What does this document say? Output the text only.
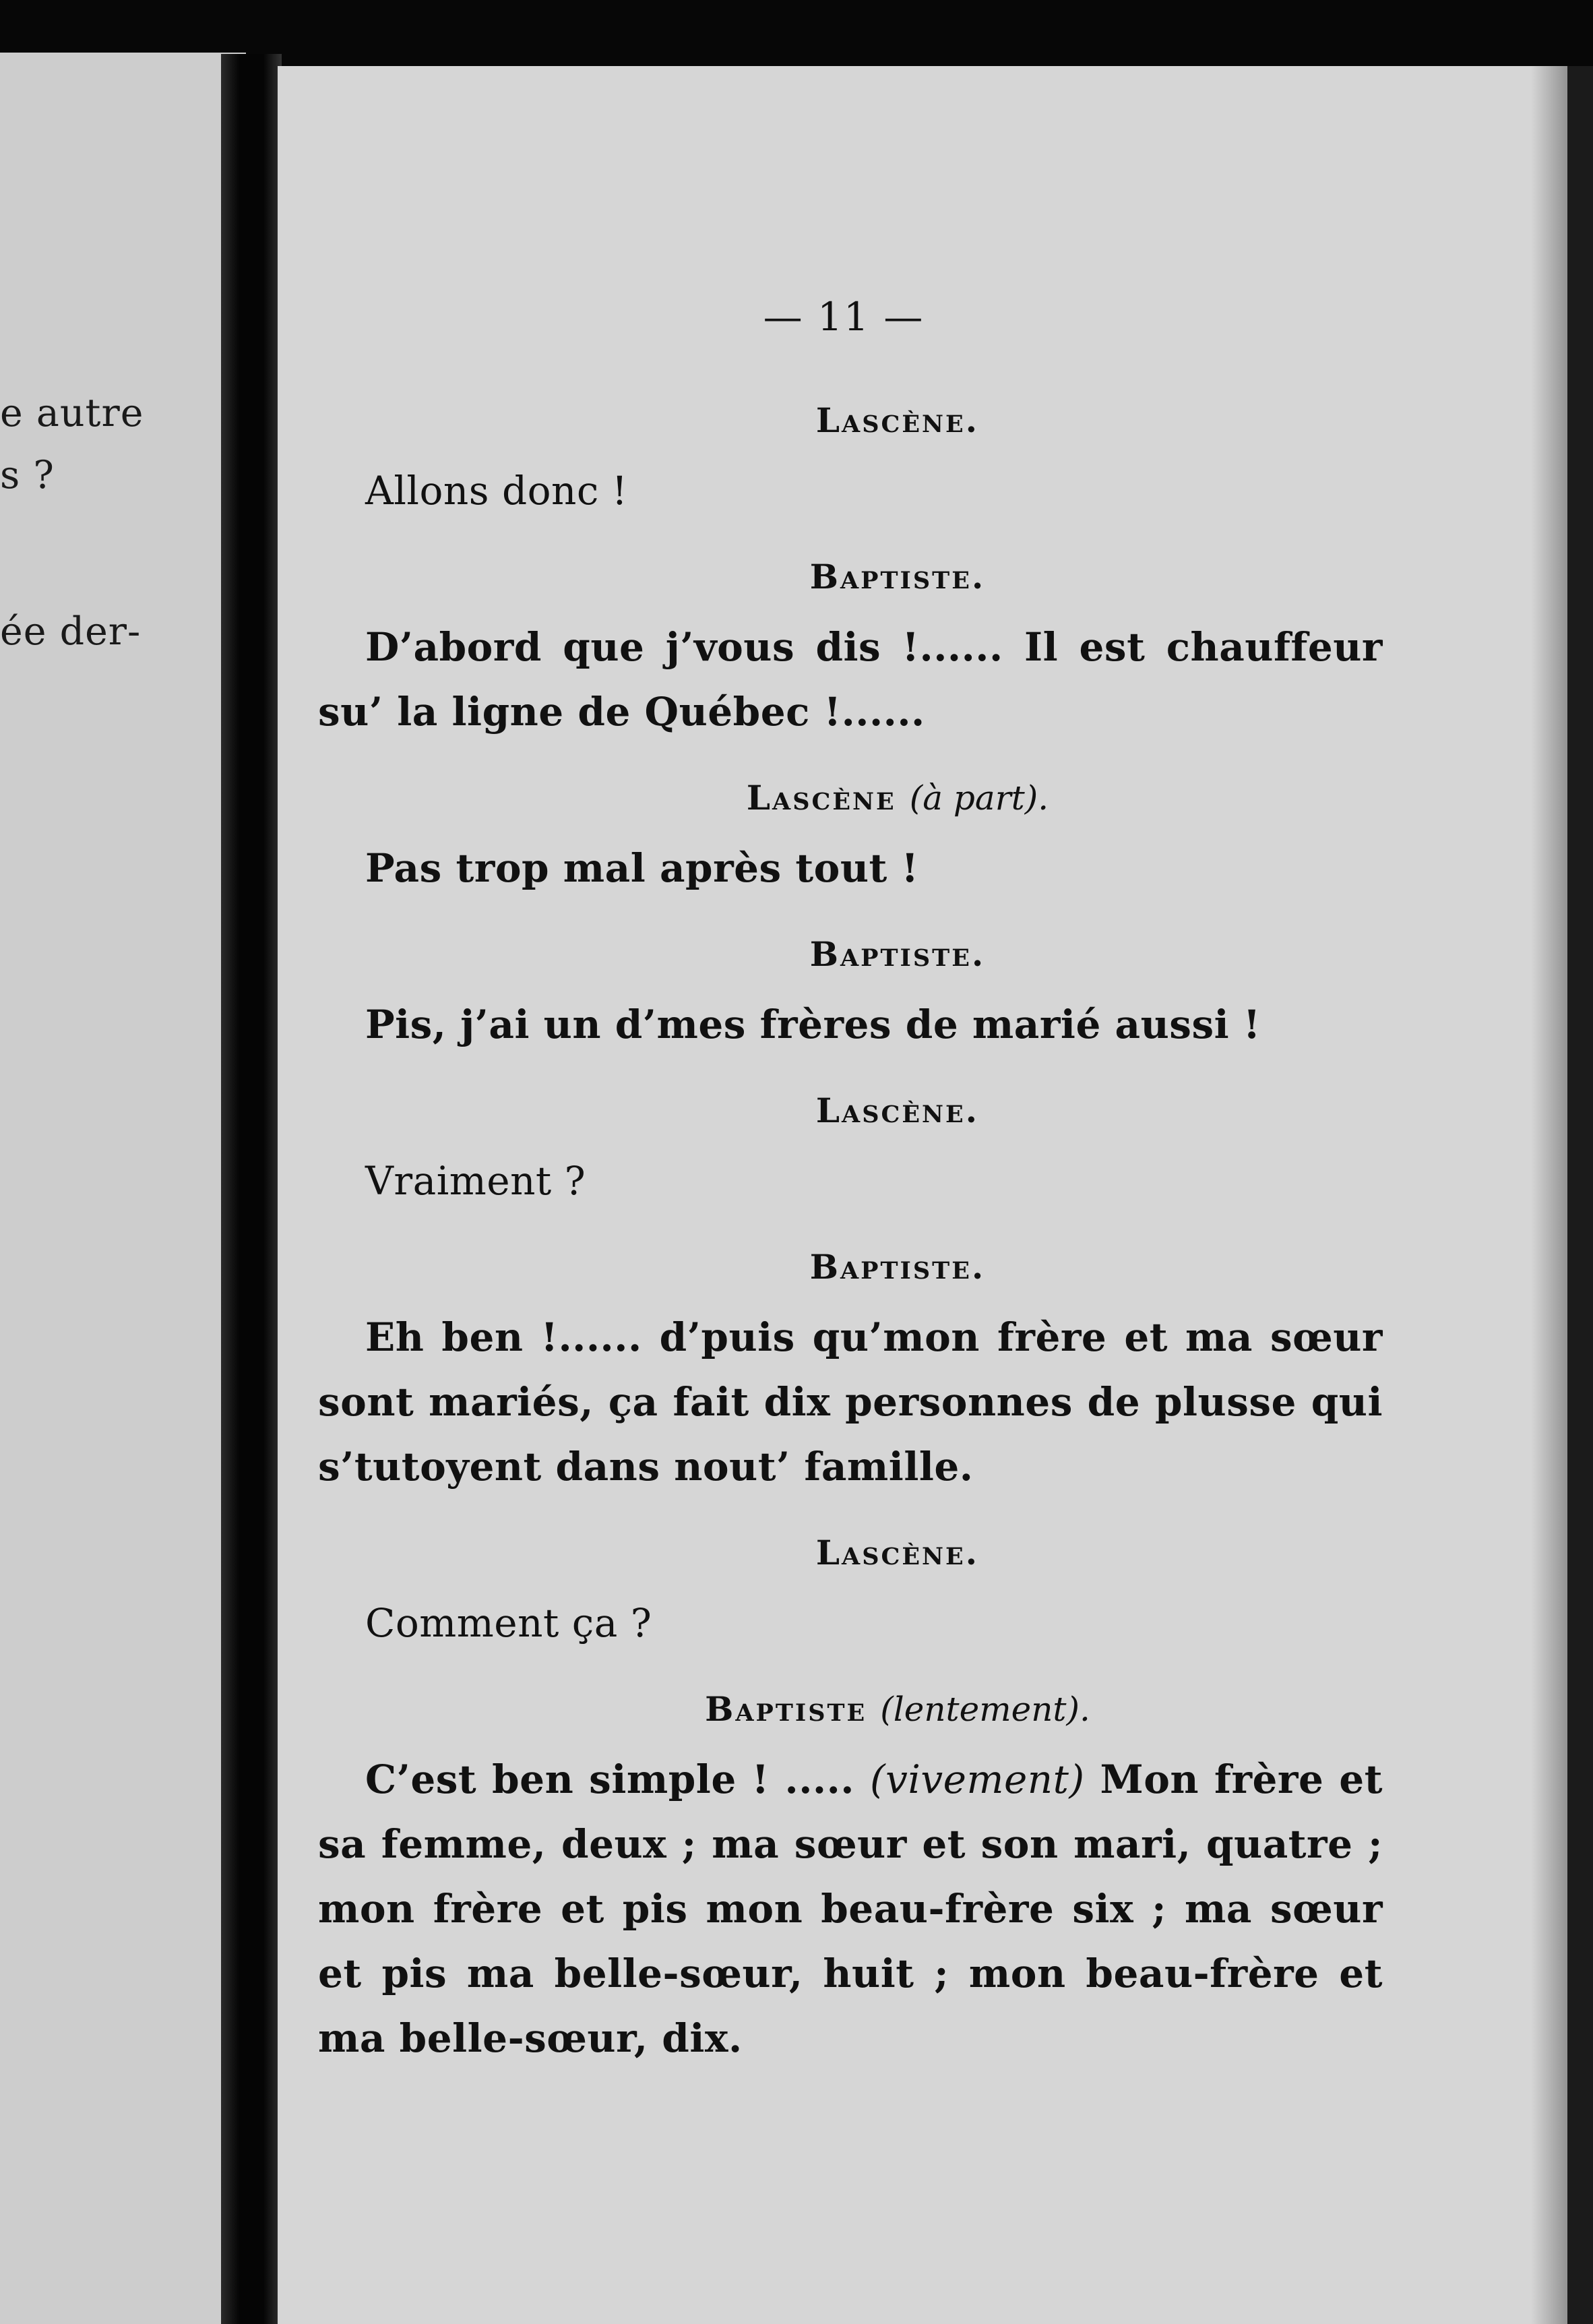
e autre
s ?
ée der-
— 11 —
Lascène.
Allons donc !
Baptiste.
D’abord que j’vous dis !...... Il est chauffeur su’ la ligne de Québec !......
Lascène (à part).
Pas trop mal après tout !
Baptiste.
Pis, j’ai un d’mes frères de marié aussi !
Lascène.
Vraiment ?
Baptiste.
Eh ben !...... d’puis qu’mon frère et ma sœur sont mariés, ça fait dix personnes de plusse qui s’tutoyent dans nout’ famille.
Lascène.
Comment ça ?
Baptiste (lentement).
C’est ben simple ! ..... (vivement) Mon frère et sa femme, deux ; ma sœur et son mari, quatre ; mon frère et pis mon beau-frère six ; ma sœur et pis ma belle-sœur, huit ; mon beau-frère et ma belle-sœur, dix.
